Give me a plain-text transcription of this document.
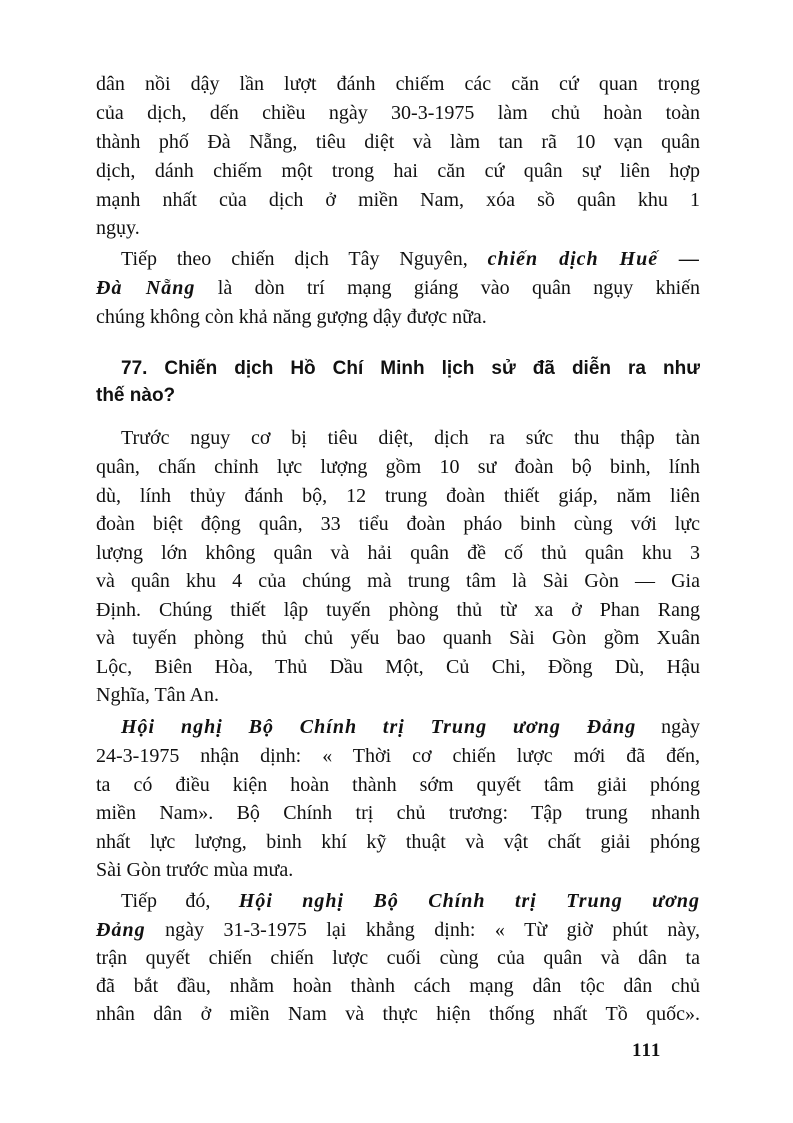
dân nồi dậy lần lượt đánh chiếm các căn cứ quan trọng
của dịch, dến chiều ngày 30-3-1975 làm chủ hoàn toàn
thành phố Đà Nẵng, tiêu diệt và làm tan rã 10 vạn quân
dịch, dánh chiếm một trong hai căn cứ quân sự liên hợp
mạnh nhất của dịch ở miền Nam, xóa sồ quân khu 1
ngụy.
Tiếp theo chiến dịch Tây Nguyên, chiến dịch Huế —
Đà Nẵng là dòn trí mạng giáng vào quân ngụy khiến
chúng không còn khả năng gượng dậy được nữa.
77. Chiến dịch Hồ Chí Minh lịch sử đã diễn ra như
thế nào?
Trước nguy cơ bị tiêu diệt, dịch ra sức thu thập tàn
quân, chấn chỉnh lực lượng gồm 10 sư đoàn bộ binh, lính
dù, lính thủy đánh bộ, 12 trung đoàn thiết giáp, năm liên
đoàn biệt động quân, 33 tiểu đoàn pháo binh cùng với lực
lượng lớn không quân và hải quân đề cố thủ quân khu 3
và quân khu 4 của chúng mà trung tâm là Sài Gòn — Gia
Định. Chúng thiết lập tuyến phòng thủ từ xa ở Phan Rang
và tuyến phòng thủ chủ yếu bao quanh Sài Gòn gồm Xuân
Lộc, Biên Hòa, Thủ Dầu Một, Củ Chi, Đồng Dù, Hậu
Nghĩa, Tân An.
Hội nghị Bộ Chính trị Trung ương Đảng ngày
24-3-1975 nhận dịnh: « Thời cơ chiến lược mới đã đến,
ta có điều kiện hoàn thành sớm quyết tâm giải phóng
miền Nam». Bộ Chính trị chủ trương: Tập trung nhanh
nhất lực lượng, binh khí kỹ thuật và vật chất giải phóng
Sài Gòn trước mùa mưa.
Tiếp đó, Hội nghị Bộ Chính trị Trung ương
Đảng ngày 31-3-1975 lại khẳng dịnh: « Từ giờ phút này,
trận quyết chiến chiến lược cuối cùng của quân và dân ta
đã bắt đầu, nhằm hoàn thành cách mạng dân tộc dân chủ
nhân dân ở miền Nam và thực hiện thống nhất Tồ quốc».
111
